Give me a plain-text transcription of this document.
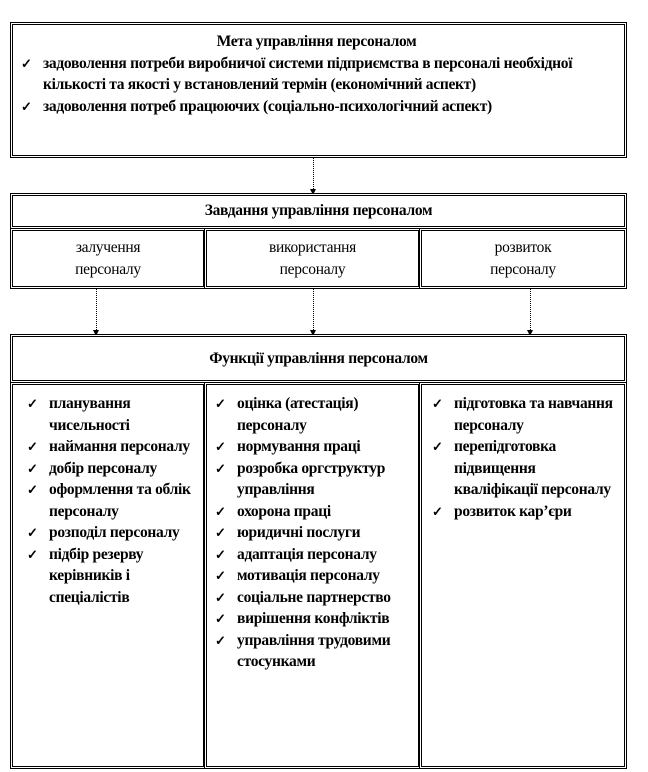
Мета управління персоналом
✓ задоволення потреби виробничої системи підприємства в персоналі необхідної кількості та якості у встановлений термін (економічний аспект)
✓ задоволення потреб працюючих (соціально-психологічний аспект)
Завдання управління персоналом
залучення
персоналу
використання
персоналу
розвиток
персоналу
Функції управління персоналом
✓ планування чисельності
✓ наймання персоналу
✓ добір персоналу
✓ оформлення та облік персоналу
✓ розподіл персоналу
✓ підбір резерву керівників і спеціалістів
✓ оцінка (атестація) персоналу
✓ нормування праці
✓ розробка оргструктур управління
✓ охорона праці
✓ юридичні послуги
✓ адаптація персоналу
✓ мотивація персоналу
✓ соціальне партнерство
✓ вирішення конфліктів
✓ управління трудовими стосунками
✓ підготовка та навчання персоналу
✓ перепідготовка підвищення кваліфікації персоналу
✓ розвиток кар’єри
